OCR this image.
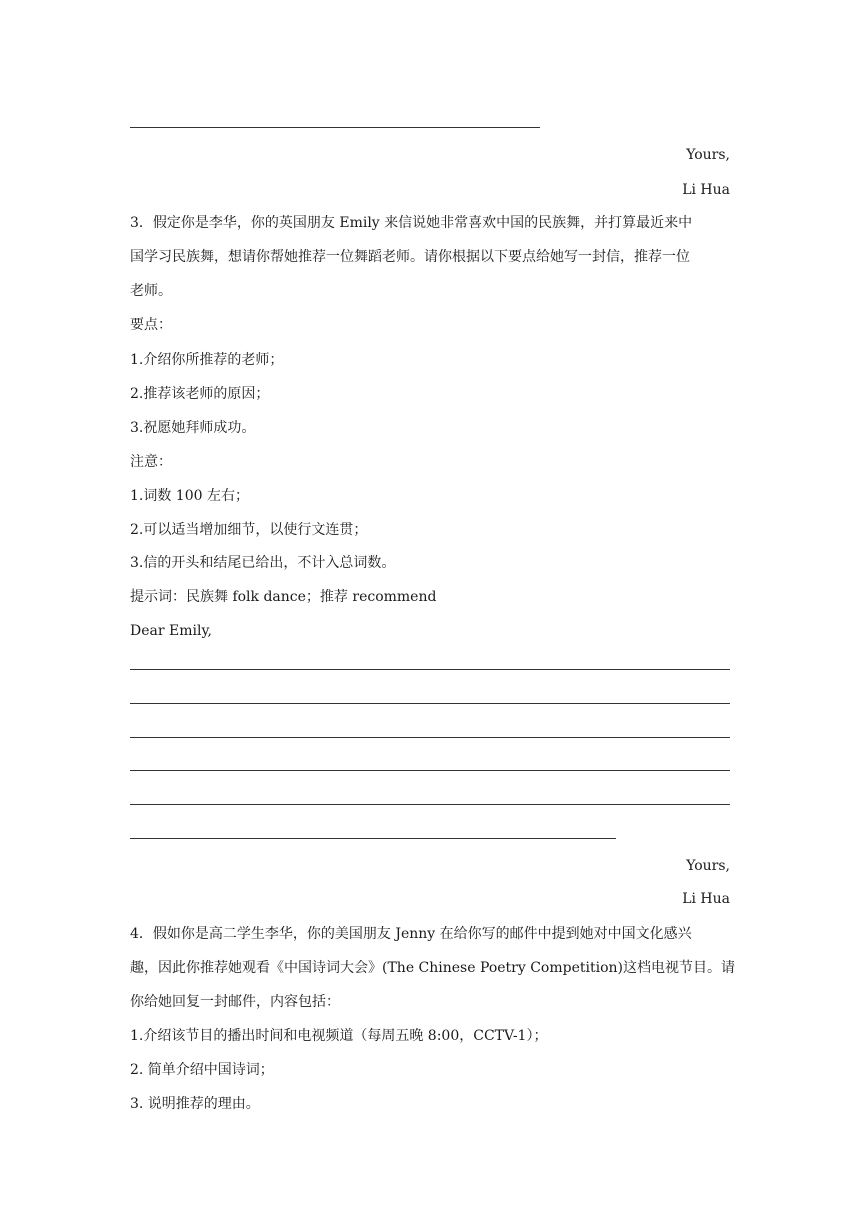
Yours,
Li Hua
3．假定你是李华，你的英国朋友 Emily 来信说她非常喜欢中国的民族舞，并打算最近来中
国学习民族舞，想请你帮她推荐一位舞蹈老师。请你根据以下要点给她写一封信，推荐一位
老师。
要点：
1.介绍你所推荐的老师；
2.推荐该老师的原因；
3.祝愿她拜师成功。
注意：
1.词数 100 左右；
2.可以适当增加细节，以使行文连贯；
3.信的开头和结尾已给出，不计入总词数。
提示词：民族舞 folk dance；推荐 recommend
Dear Emily,
Yours,
Li Hua
4．假如你是高二学生李华，你的美国朋友 Jenny 在给你写的邮件中提到她对中国文化感兴
趣，因此你推荐她观看《中国诗词大会》(The Chinese Poetry Competition)这档电视节目。请
你给她回复一封邮件，内容包括：
1.介绍该节目的播出时间和电视频道（每周五晚 8:00，CCTV-1）；
2. 简单介绍中国诗词；
3. 说明推荐的理由。
